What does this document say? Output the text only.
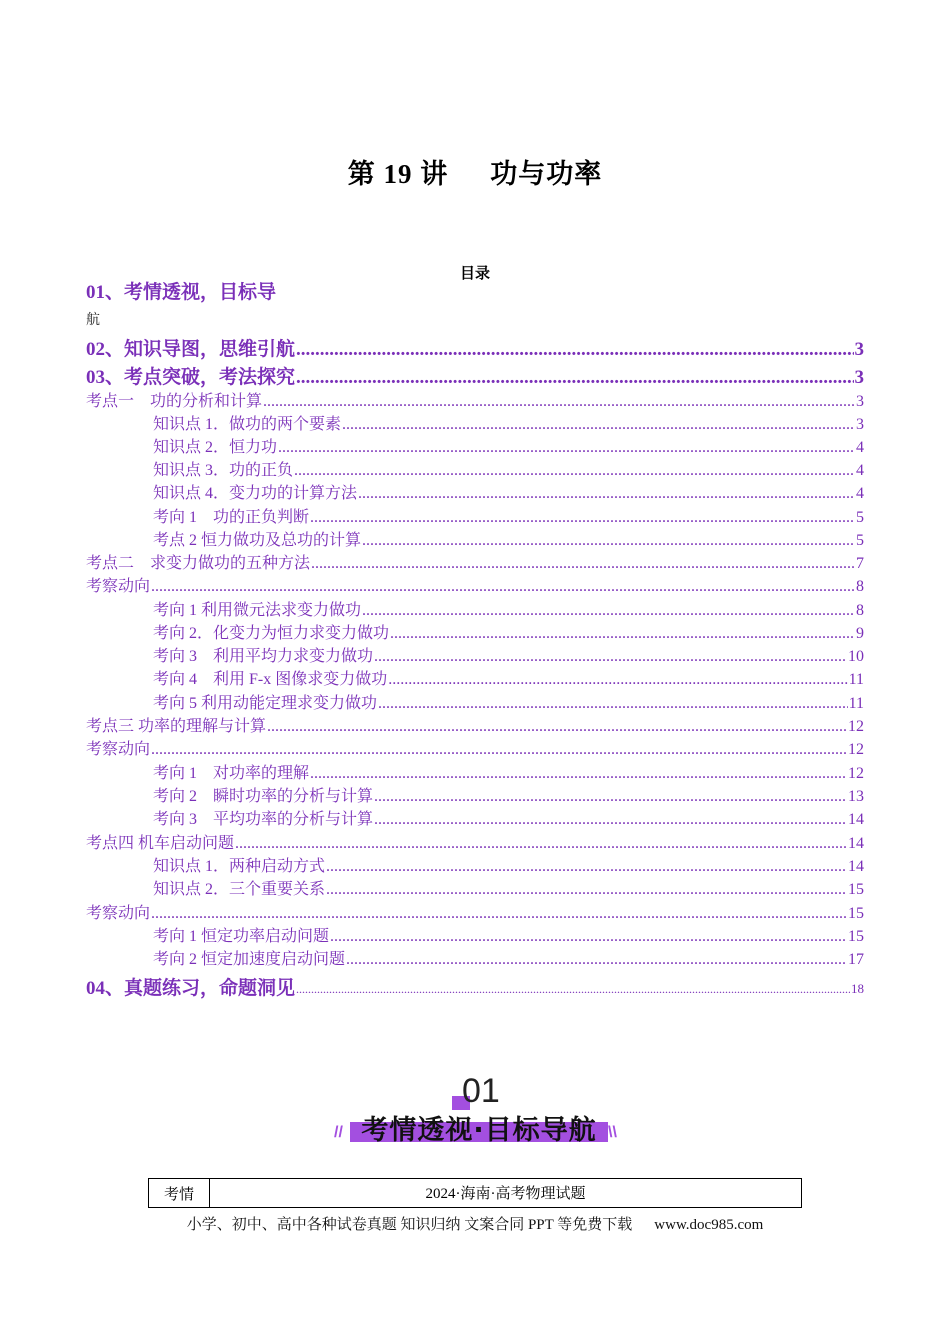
第 19 讲 功与功率
目录
01、考情透视，目标导
02、知识导图，思维引航 .....	3
03、考点突破，考法探究 .....	3
考点一　功的分析和计算 .....	3
知识点 1．做功的两个要素 .....	3
知识点 2．恒力功 .....	4
知识点 3．功的正负 .....	4
知识点 4．变力功的计算方法 .....	4
考向 1　功的正负判断 .....	5
考点 2 恒力做功及总功的计算 .....	5
考点二　求变力做功的五种方法 .....	7
考察动向 .....	8
考向 1 利用微元法求变力做功 .....	8
考向 2．化变力为恒力求变力做功 .....	9
考向 3　利用平均力求变力做功 .....	10
考向 4　利用 F-x 图像求变力做功 .....	11
考向 5 利用动能定理求变力做功 .....	11
考点三 功率的理解与计算 .....	12
考察动向 .....	12
考向 1　对功率的理解 .....	12
考向 2　瞬时功率的分析与计算 .....	13
考向 3　平均功率的分析与计算 .....	14
考点四 机车启动问题 .....	14
知识点 1．两种启动方式 .....	14
知识点 2．三个重要关系 .....	15
考察动向 .....	15
考向 1 恒定功率启动问题 .....	15
考向 2 恒定加速度启动问题 .....	17
04、真题练习，命题洞见 .....	18
航
01
// 考情透视·目标导航 \\
考情	2024·海南·高考物理试题
小学、初中、高中各种试卷真题 知识归纳 文案合同 PPT 等免费下载 www.doc985.com
